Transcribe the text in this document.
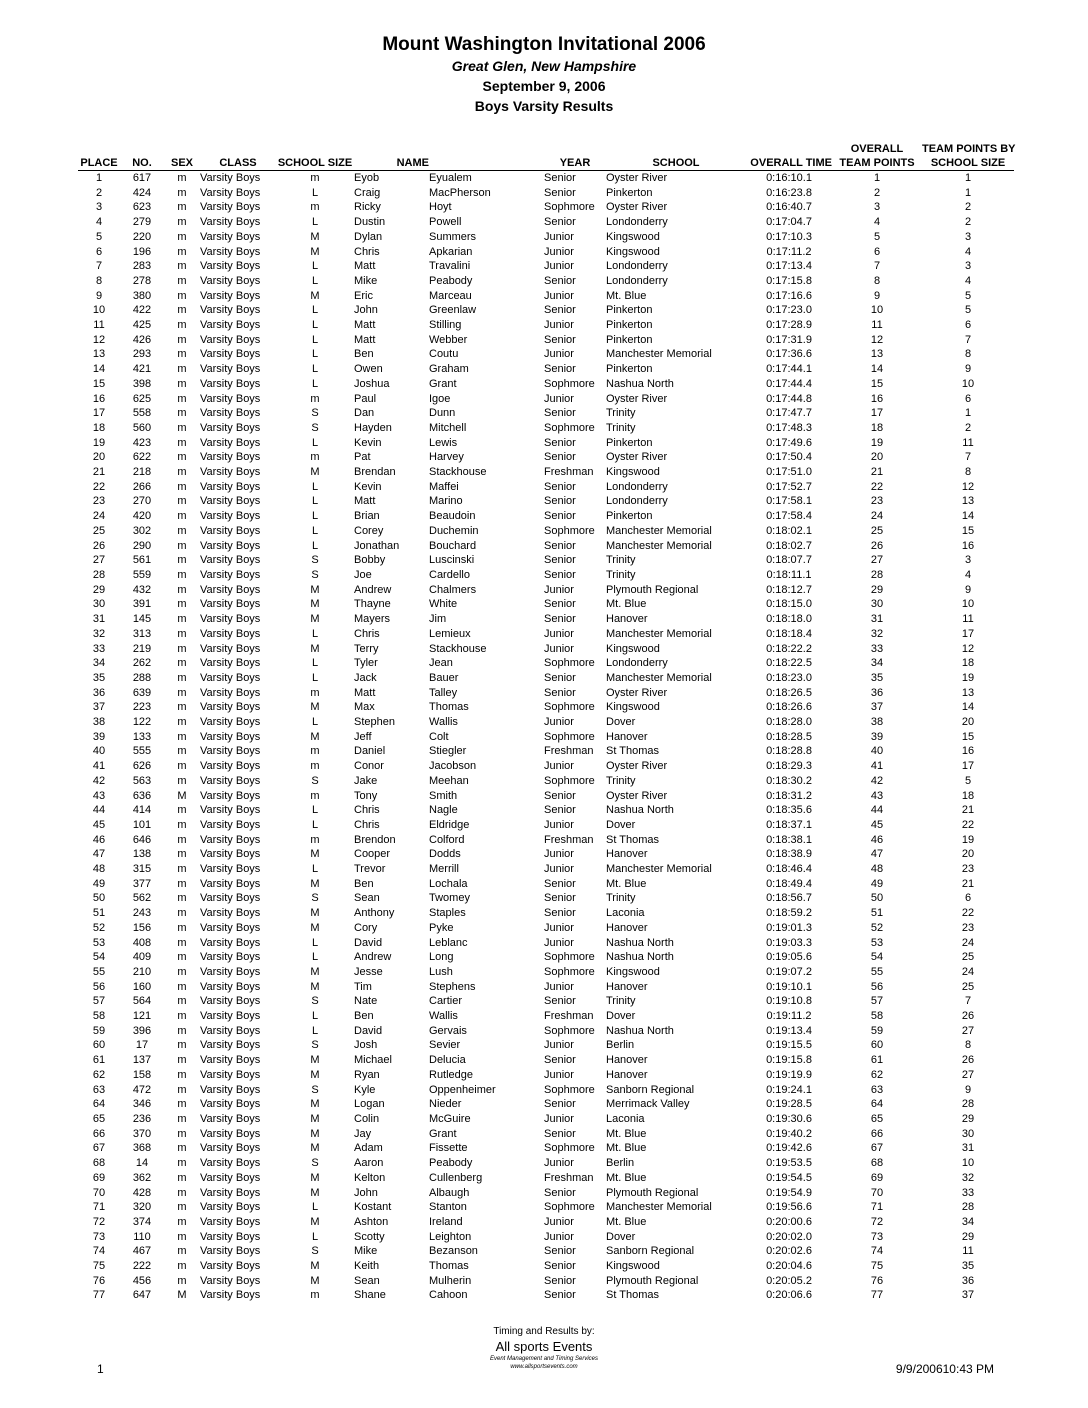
Mount Washington Invitational 2006
Great Glen, New Hampshire
September 9, 2006
Boys Varsity Results
PLACE	NO.	SEX	CLASS	SCHOOL SIZE	NAME		YEAR	SCHOOL	OVERALL TIME	OVERALL
TEAM POINTS	TEAM POINTS BY
SCHOOL SIZE
1	617	m	Varsity Boys	m	Eyob	Eyualem	Senior	Oyster River	0:16:10.1	1	1
2	424	m	Varsity Boys	L	Craig	MacPherson	Senior	Pinkerton	0:16:23.8	2	1
3	623	m	Varsity Boys	m	Ricky	Hoyt	Sophmore	Oyster River	0:16:40.7	3	2
4	279	m	Varsity Boys	L	Dustin	Powell	Senior	Londonderry	0:17:04.7	4	2
5	220	m	Varsity Boys	M	Dylan	Summers	Junior	Kingswood	0:17:10.3	5	3
6	196	m	Varsity Boys	M	Chris	Apkarian	Junior	Kingswood	0:17:11.2	6	4
7	283	m	Varsity Boys	L	Matt	Travalini	Junior	Londonderry	0:17:13.4	7	3
8	278	m	Varsity Boys	L	Mike	Peabody	Senior	Londonderry	0:17:15.8	8	4
9	380	m	Varsity Boys	M	Eric	Marceau	Junior	Mt. Blue	0:17:16.6	9	5
10	422	m	Varsity Boys	L	John	Greenlaw	Senior	Pinkerton	0:17:23.0	10	5
11	425	m	Varsity Boys	L	Matt	Stilling	Junior	Pinkerton	0:17:28.9	11	6
12	426	m	Varsity Boys	L	Matt	Webber	Senior	Pinkerton	0:17:31.9	12	7
13	293	m	Varsity Boys	L	Ben	Coutu	Junior	Manchester Memorial	0:17:36.6	13	8
14	421	m	Varsity Boys	L	Owen	Graham	Senior	Pinkerton	0:17:44.1	14	9
15	398	m	Varsity Boys	L	Joshua	Grant	Sophmore	Nashua North	0:17:44.4	15	10
16	625	m	Varsity Boys	m	Paul	Igoe	Junior	Oyster River	0:17:44.8	16	6
17	558	m	Varsity Boys	S	Dan	Dunn	Senior	Trinity	0:17:47.7	17	1
18	560	m	Varsity Boys	S	Hayden	Mitchell	Sophmore	Trinity	0:17:48.3	18	2
19	423	m	Varsity Boys	L	Kevin	Lewis	Senior	Pinkerton	0:17:49.6	19	11
20	622	m	Varsity Boys	m	Pat	Harvey	Senior	Oyster River	0:17:50.4	20	7
21	218	m	Varsity Boys	M	Brendan	Stackhouse	Freshman	Kingswood	0:17:51.0	21	8
22	266	m	Varsity Boys	L	Kevin	Maffei	Senior	Londonderry	0:17:52.7	22	12
23	270	m	Varsity Boys	L	Matt	Marino	Senior	Londonderry	0:17:58.1	23	13
24	420	m	Varsity Boys	L	Brian	Beaudoin	Senior	Pinkerton	0:17:58.4	24	14
25	302	m	Varsity Boys	L	Corey	Duchemin	Sophmore	Manchester Memorial	0:18:02.1	25	15
26	290	m	Varsity Boys	L	Jonathan	Bouchard	Senior	Manchester Memorial	0:18:02.7	26	16
27	561	m	Varsity Boys	S	Bobby	Luscinski	Senior	Trinity	0:18:07.7	27	3
28	559	m	Varsity Boys	S	Joe	Cardello	Senior	Trinity	0:18:11.1	28	4
29	432	m	Varsity Boys	M	Andrew	Chalmers	Junior	Plymouth Regional	0:18:12.7	29	9
30	391	m	Varsity Boys	M	Thayne	White	Senior	Mt. Blue	0:18:15.0	30	10
31	145	m	Varsity Boys	M	Mayers	Jim	Senior	Hanover	0:18:18.0	31	11
32	313	m	Varsity Boys	L	Chris	Lemieux	Junior	Manchester Memorial	0:18:18.4	32	17
33	219	m	Varsity Boys	M	Terry	Stackhouse	Junior	Kingswood	0:18:22.2	33	12
34	262	m	Varsity Boys	L	Tyler	Jean	Sophmore	Londonderry	0:18:22.5	34	18
35	288	m	Varsity Boys	L	Jack	Bauer	Senior	Manchester Memorial	0:18:23.0	35	19
36	639	m	Varsity Boys	m	Matt	Talley	Senior	Oyster River	0:18:26.5	36	13
37	223	m	Varsity Boys	M	Max	Thomas	Sophmore	Kingswood	0:18:26.6	37	14
38	122	m	Varsity Boys	L	Stephen	Wallis	Junior	Dover	0:18:28.0	38	20
39	133	m	Varsity Boys	M	Jeff	Colt	Sophmore	Hanover	0:18:28.5	39	15
40	555	m	Varsity Boys	m	Daniel	Stiegler	Freshman	St Thomas	0:18:28.8	40	16
41	626	m	Varsity Boys	m	Conor	Jacobson	Junior	Oyster River	0:18:29.3	41	17
42	563	m	Varsity Boys	S	Jake	Meehan	Sophmore	Trinity	0:18:30.2	42	5
43	636	M	Varsity Boys	m	Tony	Smith	Senior	Oyster River	0:18:31.2	43	18
44	414	m	Varsity Boys	L	Chris	Nagle	Senior	Nashua North	0:18:35.6	44	21
45	101	m	Varsity Boys	L	Chris	Eldridge	Junior	Dover	0:18:37.1	45	22
46	646	m	Varsity Boys	m	Brendon	Colford	Freshman	St Thomas	0:18:38.1	46	19
47	138	m	Varsity Boys	M	Cooper	Dodds	Junior	Hanover	0:18:38.9	47	20
48	315	m	Varsity Boys	L	Trevor	Merrill	Junior	Manchester Memorial	0:18:46.4	48	23
49	377	m	Varsity Boys	M	Ben	Lochala	Senior	Mt. Blue	0:18:49.4	49	21
50	562	m	Varsity Boys	S	Sean	Twomey	Senior	Trinity	0:18:56.7	50	6
51	243	m	Varsity Boys	M	Anthony	Staples	Senior	Laconia	0:18:59.2	51	22
52	156	m	Varsity Boys	M	Cory	Pyke	Junior	Hanover	0:19:01.3	52	23
53	408	m	Varsity Boys	L	David	Leblanc	Junior	Nashua North	0:19:03.3	53	24
54	409	m	Varsity Boys	L	Andrew	Long	Sophmore	Nashua North	0:19:05.6	54	25
55	210	m	Varsity Boys	M	Jesse	Lush	Sophmore	Kingswood	0:19:07.2	55	24
56	160	m	Varsity Boys	M	Tim	Stephens	Junior	Hanover	0:19:10.1	56	25
57	564	m	Varsity Boys	S	Nate	Cartier	Senior	Trinity	0:19:10.8	57	7
58	121	m	Varsity Boys	L	Ben	Wallis	Freshman	Dover	0:19:11.2	58	26
59	396	m	Varsity Boys	L	David	Gervais	Sophmore	Nashua North	0:19:13.4	59	27
60	17	m	Varsity Boys	S	Josh	Sevier	Junior	Berlin	0:19:15.5	60	8
61	137	m	Varsity Boys	M	Michael	Delucia	Senior	Hanover	0:19:15.8	61	26
62	158	m	Varsity Boys	M	Ryan	Rutledge	Junior	Hanover	0:19:19.9	62	27
63	472	m	Varsity Boys	S	Kyle	Oppenheimer	Sophmore	Sanborn Regional	0:19:24.1	63	9
64	346	m	Varsity Boys	M	Logan	Nieder	Senior	Merrimack Valley	0:19:28.5	64	28
65	236	m	Varsity Boys	M	Colin	McGuire	Junior	Laconia	0:19:30.6	65	29
66	370	m	Varsity Boys	M	Jay	Grant	Senior	Mt. Blue	0:19:40.2	66	30
67	368	m	Varsity Boys	M	Adam	Fissette	Sophmore	Mt. Blue	0:19:42.6	67	31
68	14	m	Varsity Boys	S	Aaron	Peabody	Junior	Berlin	0:19:53.5	68	10
69	362	m	Varsity Boys	M	Kelton	Cullenberg	Freshman	Mt. Blue	0:19:54.5	69	32
70	428	m	Varsity Boys	M	John	Albaugh	Senior	Plymouth Regional	0:19:54.9	70	33
71	320	m	Varsity Boys	L	Kostant	Stanton	Sophmore	Manchester Memorial	0:19:56.6	71	28
72	374	m	Varsity Boys	M	Ashton	Ireland	Junior	Mt. Blue	0:20:00.6	72	34
73	110	m	Varsity Boys	L	Scotty	Leighton	Junior	Dover	0:20:02.0	73	29
74	467	m	Varsity Boys	S	Mike	Bezanson	Senior	Sanborn Regional	0:20:02.6	74	11
75	222	m	Varsity Boys	M	Keith	Thomas	Senior	Kingswood	0:20:04.6	75	35
76	456	m	Varsity Boys	M	Sean	Mulherin	Senior	Plymouth Regional	0:20:05.2	76	36
77	647	M	Varsity Boys	m	Shane	Cahoon	Senior	St Thomas	0:20:06.6	77	37
Timing and Results by:
All sports Events
Event Management and Timing Services
www.allsportsevents.com
1	9/9/200610:43 PM
